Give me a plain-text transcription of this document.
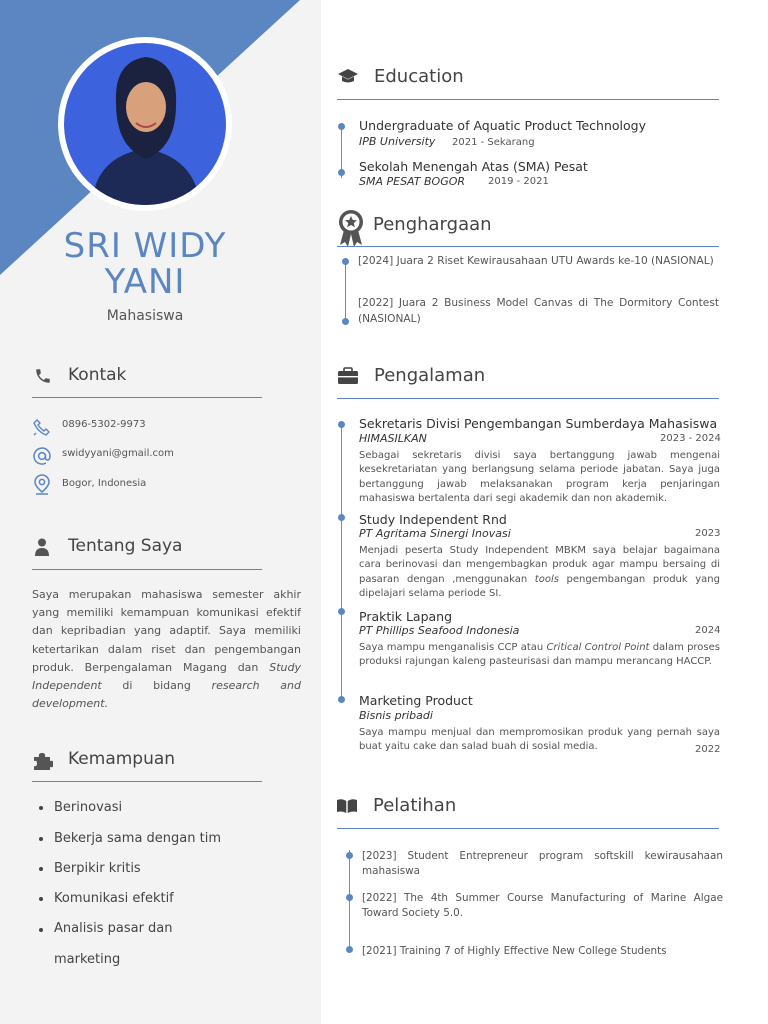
SRI WIDY
YANI
Mahasiswa
Kontak
0896-5302-9973
swidyyani@gmail.com
Bogor, Indonesia
Tentang Saya
Saya merupakan mahasiswa semester akhir yang memiliki kemampuan komunikasi efektif dan kepribadian yang adaptif. Saya memiliki ketertarikan dalam riset dan pengembangan produk. Berpengalaman Magang dan Study Independent di bidang research and development.
Kemampuan
Berinovasi
Bekerja sama dengan tim
Berpikir kritis
Komunikasi efektif
Analisis pasar dan
marketing
Education
Undergraduate of Aquatic Product Technology
IPB University 2021 - Sekarang
Sekolah Menengah Atas (SMA) Pesat
SMA PESAT BOGOR 2019 - 2021
Penghargaan
[2024] Juara 2 Riset Kewirausahaan UTU Awards ke-10 (NASIONAL)
[2022] Juara 2 Business Model Canvas di The Dormitory Contest (NASIONAL)
Pengalaman
Sekretaris Divisi Pengembangan Sumberdaya Mahasiswa
HIMASILKAN	2023 - 2024
Sebagai sekretaris divisi saya bertanggung jawab mengenai kesekretariatan yang berlangsung selama periode jabatan. Saya juga bertanggung jawab melaksanakan program kerja penjaringan mahasiswa bertalenta dari segi akademik dan non akademik.
Study Independent Rnd
PT Agritama Sinergi Inovasi	2023
Menjadi peserta Study Independent MBKM saya belajar bagaimana cara berinovasi dan mengembagkan produk agar mampu bersaing di pasaran dengan ,menggunakan tools pengembangan produk yang dipelajari selama periode SI.
Praktik Lapang
PT Phillips Seafood Indonesia	2024
Saya mampu menganalisis CCP atau Critical Control Point dalam proses produksi rajungan kaleng pasteurisasi dan mampu merancang HACCP.
Marketing Product
Bisnis pribadi
Saya mampu menjual dan mempromosikan produk yang pernah saya buat yaitu cake dan salad buah di sosial media.	2022
Pelatihan
[2023] Student Entrepreneur program softskill kewirausahaan mahasiswa
[2022] The 4th Summer Course Manufacturing of Marine Algae Toward Society 5.0.
[2021] Training 7 of Highly Effective New College Students
